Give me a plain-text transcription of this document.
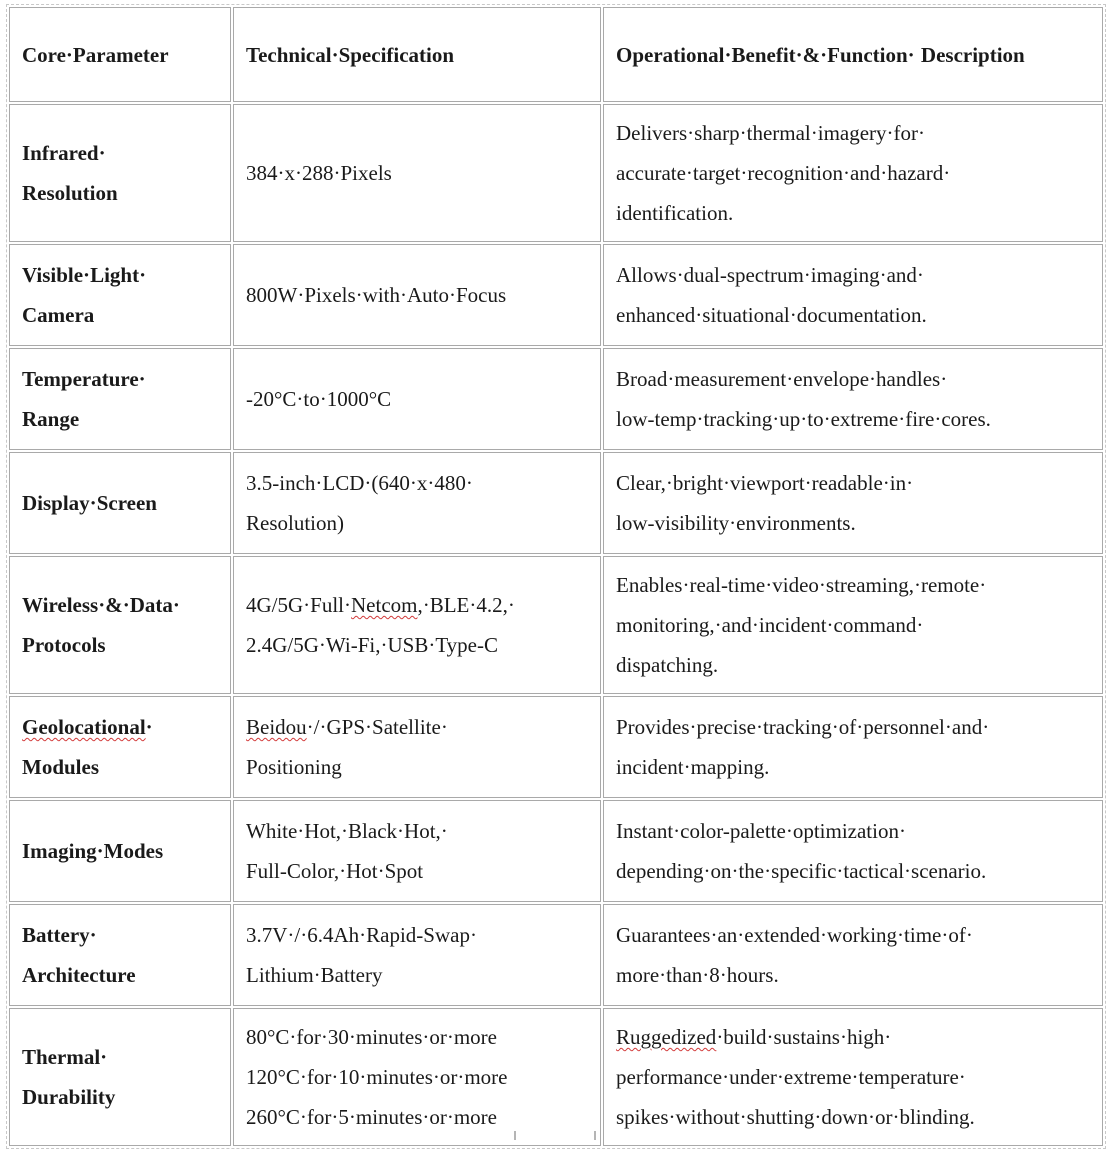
Core·Parameter	Technical·Specification	Operational·Benefit·&·Function· Description

Infrared·
Resolution	384·x·288·Pixels	Delivers·sharp·thermal·imagery·for·
accurate·target·recognition·and·hazard·
identification.

Visible·Light·
Camera	800W·Pixels·with·Auto·Focus	Allows·dual-spectrum·imaging·and·
enhanced·situational·documentation.

Temperature·
Range	-20°C·to·1000°C	Broad·measurement·envelope·handles·
low-temp·tracking·up·to·extreme·fire·cores.

Display·Screen	3.5-inch·LCD·(640·x·480·
Resolution)	Clear,·bright·viewport·readable·in·
low-visibility·environments.

Wireless·&·Data·
Protocols	4G/5G·Full·Netcom,·BLE·4.2,·
2.4G/5G·Wi-Fi,·USB·Type-C	Enables·real-time·video·streaming,·remote·
monitoring,·and·incident·command·
dispatching.

Geolocational·
Modules	Beidou·/·GPS·Satellite·
Positioning	Provides·precise·tracking·of·personnel·and·
incident·mapping.

Imaging·Modes	White·Hot,·Black·Hot,·
Full-Color,·Hot·Spot	Instant·color-palette·optimization·
depending·on·the·specific·tactical·scenario.

Battery·
Architecture	3.7V·/·6.4Ah·Rapid-Swap·
Lithium·Battery	Guarantees·an·extended·working·time·of·
more·than·8·hours.

Thermal·
Durability	80°C·for·30·minutes·or·more
120°C·for·10·minutes·or·more
260°C·for·5·minutes·or·more	Ruggedized·build·sustains·high·
performance·under·extreme·temperature·
spikes·without·shutting·down·or·blinding.
